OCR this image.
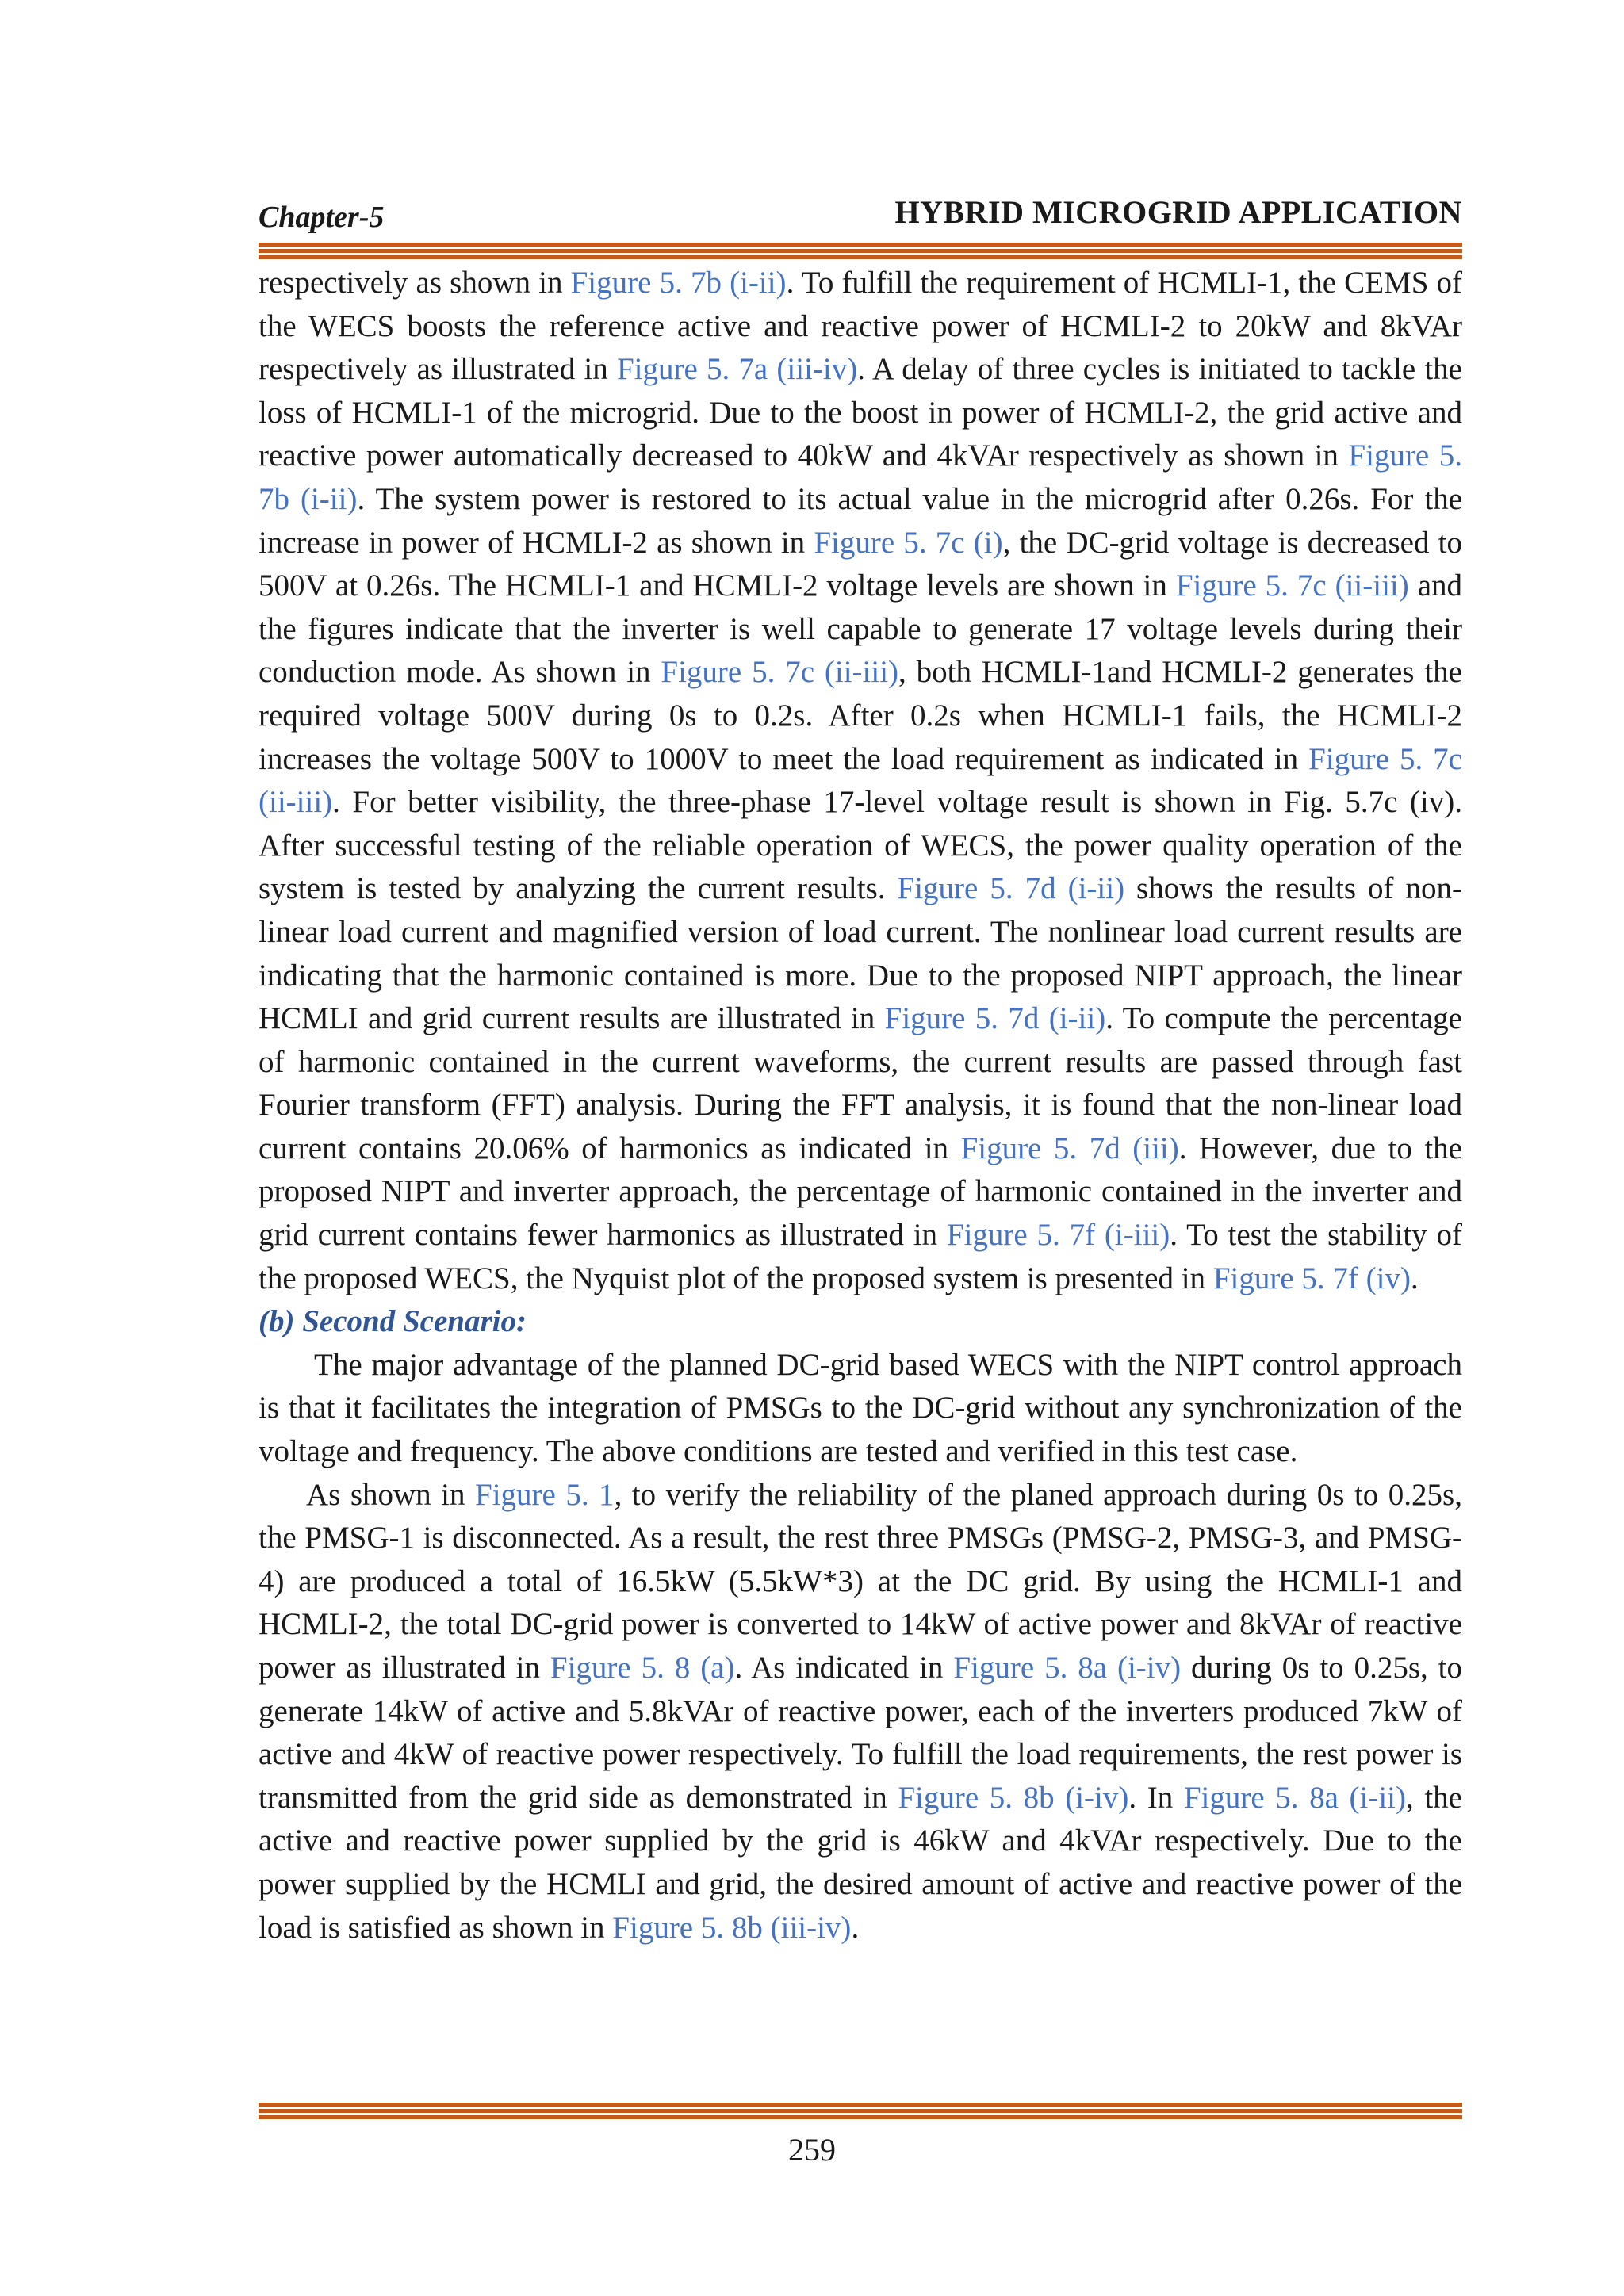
Chapter-5	HYBRID MICROGRID APPLICATION

respectively as shown in Figure 5. 7b (i-ii). To fulfill the requirement of HCMLI-1, the CEMS of the WECS boosts the reference active and reactive power of HCMLI-2 to 20kW and 8kVAr respectively as illustrated in Figure 5. 7a (iii-iv). A delay of three cycles is initiated to tackle the loss of HCMLI-1 of the microgrid. Due to the boost in power of HCMLI-2, the grid active and reactive power automatically decreased to 40kW and 4kVAr respectively as shown in Figure 5. 7b (i-ii). The system power is restored to its actual value in the microgrid after 0.26s. For the increase in power of HCMLI-2 as shown in Figure 5. 7c (i), the DC-grid voltage is decreased to 500V at 0.26s. The HCMLI-1 and HCMLI-2 voltage levels are shown in Figure 5. 7c (ii-iii) and the figures indicate that the inverter is well capable to generate 17 voltage levels during their conduction mode. As shown in Figure 5. 7c (ii-iii), both HCMLI-1and HCMLI-2 generates the required voltage 500V during 0s to 0.2s. After 0.2s when HCMLI-1 fails, the HCMLI-2 increases the voltage 500V to 1000V to meet the load requirement as indicated in Figure 5. 7c (ii-iii). For better visibility, the three-phase 17-level voltage result is shown in Fig. 5.7c (iv). After successful testing of the reliable operation of WECS, the power quality operation of the system is tested by analyzing the current results. Figure 5. 7d (i-ii) shows the results of non-linear load current and magnified version of load current. The nonlinear load current results are indicating that the harmonic contained is more. Due to the proposed NIPT approach, the linear HCMLI and grid current results are illustrated in Figure 5. 7d (i-ii). To compute the percentage of harmonic contained in the current waveforms, the current results are passed through fast Fourier transform (FFT) analysis. During the FFT analysis, it is found that the non-linear load current contains 20.06% of harmonics as indicated in Figure 5. 7d (iii). However, due to the proposed NIPT and inverter approach, the percentage of harmonic contained in the inverter and grid current contains fewer harmonics as illustrated in Figure 5. 7f (i-iii). To test the stability of the proposed WECS, the Nyquist plot of the proposed system is presented in Figure 5. 7f (iv).

(b) Second Scenario:

The major advantage of the planned DC-grid based WECS with the NIPT control approach is that it facilitates the integration of PMSGs to the DC-grid without any synchronization of the voltage and frequency. The above conditions are tested and verified in this test case.

As shown in Figure 5. 1, to verify the reliability of the planed approach during 0s to 0.25s, the PMSG-1 is disconnected. As a result, the rest three PMSGs (PMSG-2, PMSG-3, and PMSG-4) are produced a total of 16.5kW (5.5kW*3) at the DC grid. By using the HCMLI-1 and HCMLI-2, the total DC-grid power is converted to 14kW of active power and 8kVAr of reactive power as illustrated in Figure 5. 8 (a). As indicated in Figure 5. 8a (i-iv) during 0s to 0.25s, to generate 14kW of active and 5.8kVAr of reactive power, each of the inverters produced 7kW of active and 4kW of reactive power respectively. To fulfill the load requirements, the rest power is transmitted from the grid side as demonstrated in Figure 5. 8b (i-iv). In Figure 5. 8a (i-ii), the active and reactive power supplied by the grid is 46kW and 4kVAr respectively. Due to the power supplied by the HCMLI and grid, the desired amount of active and reactive power of the load is satisfied as shown in Figure 5. 8b (iii-iv).

259
